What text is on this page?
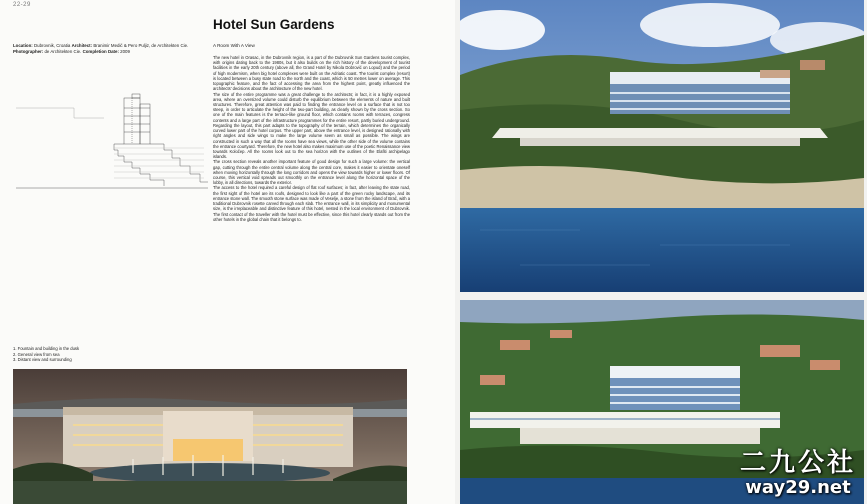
22-29
Hotel Sun Gardens
Location: Dubrovnik, Croatia Architect: Branimir Medić & Pero Puljiz, de Architekten Cie. Photographer: de Architekten Cie. Completion Date: 2009
A Room With A View

The new hotel in Orasac, in the Dubrovnik region, is a part of the Dubrovnik Sun Gardens tourist complex, with origins dating back to the 1980s, but it also builds on the rich history of the development of tourist facilities in the early 20th century (above all, the Grand Hotel by Nikola Dobrović on Lopud) and the period of high modernism, when big hotel complexes were built on the Adriatic coast. The tourist complex (resort) is located between a busy state road to the north and the coast, which is 50 metres lower on average. This topographic feature, and the fact of accessing the area from the highest point, greatly influenced the architects' decisions about the architecture of the new hotel.

The size of the entire programme was a great challenge to the architects; in fact, it is a highly exposed area, where an oversized volume could disturb the equilibrium between the elements of nature and built structures. Therefore, great attention was paid to finding the entrance level on a surface that is not too steep, in order to articulate the height of the two-part building, as clearly shown by the cross section. So one of the main features is the terrace-like ground floor, which contains rooms with terraces, congress contents and a large part of the infrastructure programmes for the entire resort, partly buried underground. Regarding the layout, this part adapts to the topography of the terrain, which determines the organically curved lower part of the hotel corpus. The upper part, above the entrance level, is designed rationally with right angles and side wings to make the large volume seem as small as possible. The wings are constructed in such a way that all the rooms have sea views, while the other side of the volume contains the entrance courtyard. Therefore, the new hotel also makes maximum use of the poetic Renaissance view towards Koločep. All the rooms look out to the sea horizon with the outlines of the Elafiti archipelago islands.

The cross section reveals another important feature of good design for such a large volume: the vertical gap, cutting through the entire central volume along the central core, makes it easier to orientate oneself when moving horizontally through the long corridors and opens the view towards higher or lower floors. Of course, this vertical void spreads out smoothly on the entrance level along the horizontal space of the lobby, in all directions, towards the exterior.

The access to the hotel required a careful design of flat roof surfaces; in fact, after leaving the state road, the first sight of the hotel are its roofs, designed to look like a part of the green rocky landscape, and its entrance stone wall. The smooth stone surface was made of Veselje, a stone from the island of Brač, with a traditional Dubrovnik rosette carved through each slab. The entrance wall, in its simplicity and monumental size, is the irreplaceable and distinctive feature of this hotel, nested in the local environment of Dubrovnik. The first contact of the traveller with the hotel must be effective, since this hotel clearly stands out from the other hotels in the global chain that it belongs to.

1. Fountain and building in the dusk
2. General view from sea
3. Distant view and surrounding
二九公社
way29.net
